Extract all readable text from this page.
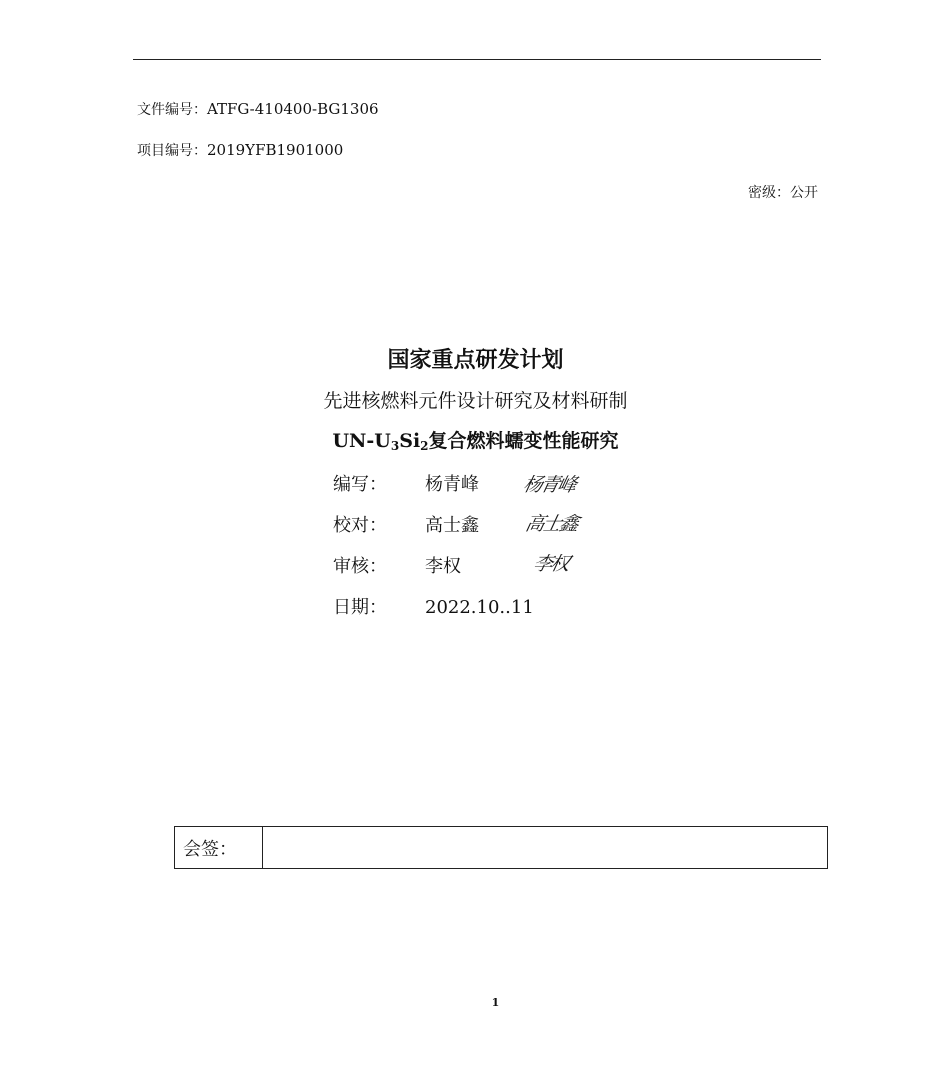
文件编号：ATFG-410400-BG1306
项目编号：2019YFB1901000
密级：公开
国家重点研发计划
先进核燃料元件设计研究及材料研制
$UN-U_3Si_2$复合燃料蠕变性能研究
编写： 杨青峰 杨青峰
校对： 高士鑫 高士鑫
审核： 李权	李权
日期： 2022.10..11
会签：
1
